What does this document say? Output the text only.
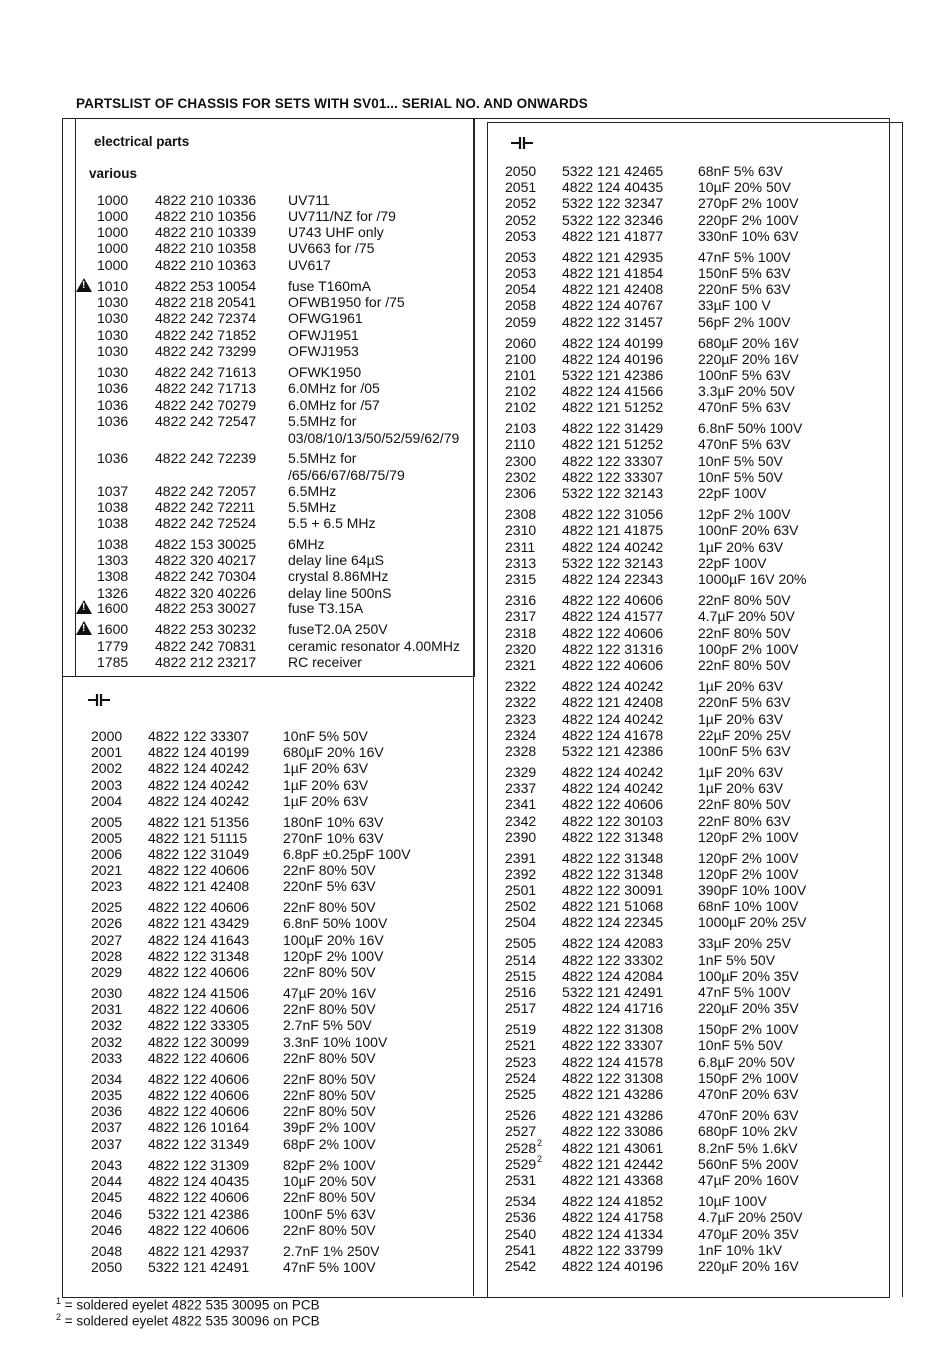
PARTSLIST OF CHASSIS FOR SETS WITH SV01... SERIAL NO. AND ONWARDS
electrical parts
various
1000 4822 210 10336 UV711
1000 4822 210 10356 UV711/NZ for /79
1000 4822 210 10339 U743 UHF only
1000 4822 210 10358 UV663 for /75
1000 4822 210 10363 UV617
!
1010 4822 253 10054 fuse T160mA
1030 4822 218 20541 OFWB1950 for /75
1030 4822 242 72374 OFWG1961
1030 4822 242 71852 OFWJ1951
1030 4822 242 73299 OFWJ1953
1030 4822 242 71613 OFWK1950
1036 4822 242 71713 6.0MHz for /05
1036 4822 242 70279 6.0MHz for /57
1036 4822 242 72547 5.5MHz for
03/08/10/13/50/52/59/62/79
1036 4822 242 72239 5.5MHz for
/65/66/67/68/75/79
1037 4822 242 72057 6.5MHz
1038 4822 242 72211 5.5MHz
1038 4822 242 72524 5.5 + 6.5 MHz
1038 4822 153 30025 6MHz
1303 4822 320 40217 delay line 64µS
1308 4822 242 70304 crystal 8.86MHz
1326 4822 320 40226 delay line 500nS
!
1600 4822 253 30027 fuse T3.15A
!
1600 4822 253 30232 fuseT2.0A 250V
1779 4822 242 70831 ceramic resonator 4.00MHz
1785 4822 212 23217 RC receiver
2000 4822 122 33307 10nF 5% 50V
2001 4822 124 40199 680µF 20% 16V
2002 4822 124 40242 1µF 20% 63V
2003 4822 124 40242 1µF 20% 63V
2004 4822 124 40242 1µF 20% 63V
2005 4822 121 51356 180nF 10% 63V
2005 4822 121 51115	270nF 10% 63V
2006 4822 122 31049 6.8pF ±0.25pF 100V
2021 4822 122 40606 22nF 80% 50V
2023 4822 121 42408 220nF 5% 63V
2025 4822 122 40606 22nF 80% 50V
2026 4822 121 43429 6.8nF 50% 100V
2027 4822 124 41643 100µF 20% 16V
2028 4822 122 31348 120pF 2% 100V
2029 4822 122 40606 22nF 80% 50V
2030 4822 124 41506 47µF 20% 16V
2031 4822 122 40606 22nF 80% 50V
2032 4822 122 33305 2.7nF 5% 50V
2032 4822 122 30099 3.3nF 10% 100V
2033 4822 122 40606 22nF 80% 50V
2034 4822 122 40606 22nF 80% 50V
2035 4822 122 40606 22nF 80% 50V
2036 4822 122 40606 22nF 80% 50V
2037 4822 126 10164 39pF 2% 100V
2037 4822 122 31349 68pF 2% 100V
2043 4822 122 31309 82pF 2% 100V
2044 4822 124 40435 10µF 20% 50V
2045 4822 122 40606 22nF 80% 50V
2046 5322 121 42386 100nF 5% 63V
2046 4822 122 40606 22nF 80% 50V
2048 4822 121 42937 2.7nF 1% 250V
2050 5322 121 42491 47nF 5% 100V
2050 5322 121 42465 68nF 5% 63V
2051 4822 124 40435 10µF 20% 50V
2052 5322 122 32347 270pF 2% 100V
2052 5322 122 32346 220pF 2% 100V
2053 4822 121 41877 330nF 10% 63V
2053 4822 121 42935 47nF 5% 100V
2053 4822 121 41854 150nF 5% 63V
2054 4822 121 42408 220nF 5% 63V
2058 4822 124 40767 33µF 100 V
2059 4822 122 31457 56pF 2% 100V
2060 4822 124 40199 680µF 20% 16V
2100 4822 124 40196 220µF 20% 16V
2101 5322 121 42386 100nF 5% 63V
2102 4822 124 41566 3.3µF 20% 50V
2102 4822 121 51252 470nF 5% 63V
2103 4822 122 31429 6.8nF 50% 100V
2110 4822 121 51252 470nF 5% 63V
2300 4822 122 33307 10nF 5% 50V
2302 4822 122 33307 10nF 5% 50V
2306 5322 122 32143 22pF 100V
2308 4822 122 31056 12pF 2% 100V
2310 4822 121 41875 100nF 20% 63V
2311 4822 124 40242 1µF 20% 63V
2313 5322 122 32143 22pF 100V
2315 4822 124 22343 1000µF 16V 20%
2316 4822 122 40606 22nF 80% 50V
2317 4822 124 41577 4.7µF 20% 50V
2318 4822 122 40606 22nF 80% 50V
2320 4822 122 31316 100pF 2% 100V
2321 4822 122 40606 22nF 80% 50V
2322 4822 124 40242 1µF 20% 63V
2322 4822 121 42408 220nF 5% 63V
2323 4822 124 40242 1µF 20% 63V
2324 4822 124 41678 22µF 20% 25V
2328 5322 121 42386 100nF 5% 63V
2329 4822 124 40242 1µF 20% 63V
2337 4822 124 40242 1µF 20% 63V
2341 4822 122 40606 22nF 80% 50V
2342 4822 122 30103 22nF 80% 63V
2390 4822 122 31348 120pF 2% 100V
2391 4822 122 31348 120pF 2% 100V
2392 4822 122 31348 120pF 2% 100V
2501 4822 122 30091 390pF 10% 100V
2502 4822 121 51068 68nF 10% 100V
2504 4822 124 22345 1000µF 20% 25V
2505 4822 124 42083 33µF 20% 25V
2514 4822 122 33302 1nF 5% 50V
2515 4822 124 42084 100µF 20% 35V
2516 5322 121 42491 47nF 5% 100V
2517 4822 124 41716 220µF 20% 35V
2519 4822 122 31308 150pF 2% 100V
2521 4822 122 33307 10nF 5% 50V
2523 4822 124 41578 6.8µF 20% 50V
2524 4822 122 31308 150pF 2% 100V
2525 4822 121 43286 470nF 20% 63V
2526 4822 121 43286 470nF 20% 63V
2527 4822 122 33086 680pF 10% 2kV
2528 2 4822 121 43061 8.2nF 5% 1.6kV
2529 2 4822 121 42442 560nF 5% 200V
2531 4822 121 43368 47µF 20% 160V
2534 4822 124 41852 10µF 100V
2536 4822 124 41758 4.7µF 20% 250V
2540 4822 124 41334 470µF 20% 35V
2541 4822 122 33799 1nF 10% 1kV
2542 4822 124 40196 220µF 20% 16V
$^1$ = soldered eyelet 4822 535 30095 on PCB
$^2$ = soldered eyelet 4822 535 30096 on PCB
